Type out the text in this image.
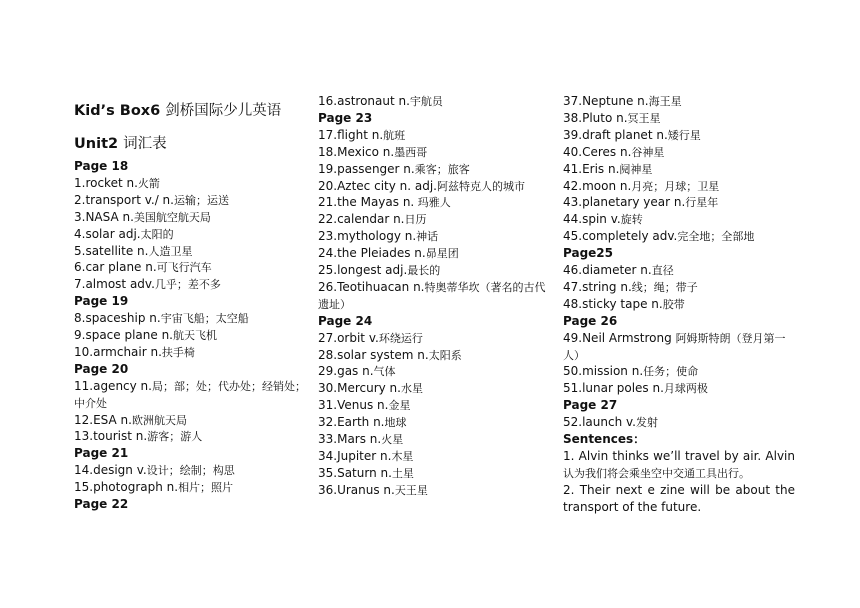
Kid’s Box6 剑桥国际少儿英语
Unit2 词汇表
Page 18
1.rocket n.火箭
2.transport v./ n.运输；运送
3.NASA n.美国航空航天局
4.solar adj.太阳的
5.satellite n.人造卫星
6.car plane n.可飞行汽车
7.almost adv.几乎；差不多
Page 19
8.spaceship n.宇宙飞船；太空船
9.space plane n.航天飞机
10.armchair n.扶手椅
Page 20
11.agency n.局；部；处；代办处；经销处；中介处
12.ESA n.欧洲航天局
13.tourist n.游客；游人
Page 21
14.design v.设计；绘制；构思
15.photograph n.相片；照片
Page 22
16.astronaut n.宇航员
Page 23
17.flight n.航班
18.Mexico n.墨西哥
19.passenger n.乘客；旅客
20.Aztec city n. adj.阿兹特克人的城市
21.the Mayas n. 玛雅人
22.calendar n.日历
23.mythology n.神话
24.the Pleiades n.昴星团
25.longest adj.最长的
26.Teotihuacan n.特奥蒂华坎（著名的古代遗址）
Page 24
27.orbit v.环绕运行
28.solar system n.太阳系
29.gas n.气体
30.Mercury n.水星
31.Venus n.金星
32.Earth n.地球
33.Mars n.火星
34.Jupiter n.木星
35.Saturn n.土星
36.Uranus n.天王星
37.Neptune n.海王星
38.Pluto n.冥王星
39.draft planet n.矮行星
40.Ceres n.谷神星
41.Eris n.阋神星
42.moon n.月亮；月球；卫星
43.planetary year n.行星年
44.spin v.旋转
45.completely adv.完全地；全部地
Page25
46.diameter n.直径
47.string n.线；绳；带子
48.sticky tape n.胶带
Page 26
49.Neil Armstrong 阿姆斯特朗（登月第一人）
50.mission n.任务；使命
51.lunar poles n.月球两极
Page 27
52.launch v.发射
Sentences：
1. Alvin thinks we’ll travel by air. Alvin 认为我们将会乘坐空中交通工具出行。
2. Their next e zine will be about the transport of the future.
